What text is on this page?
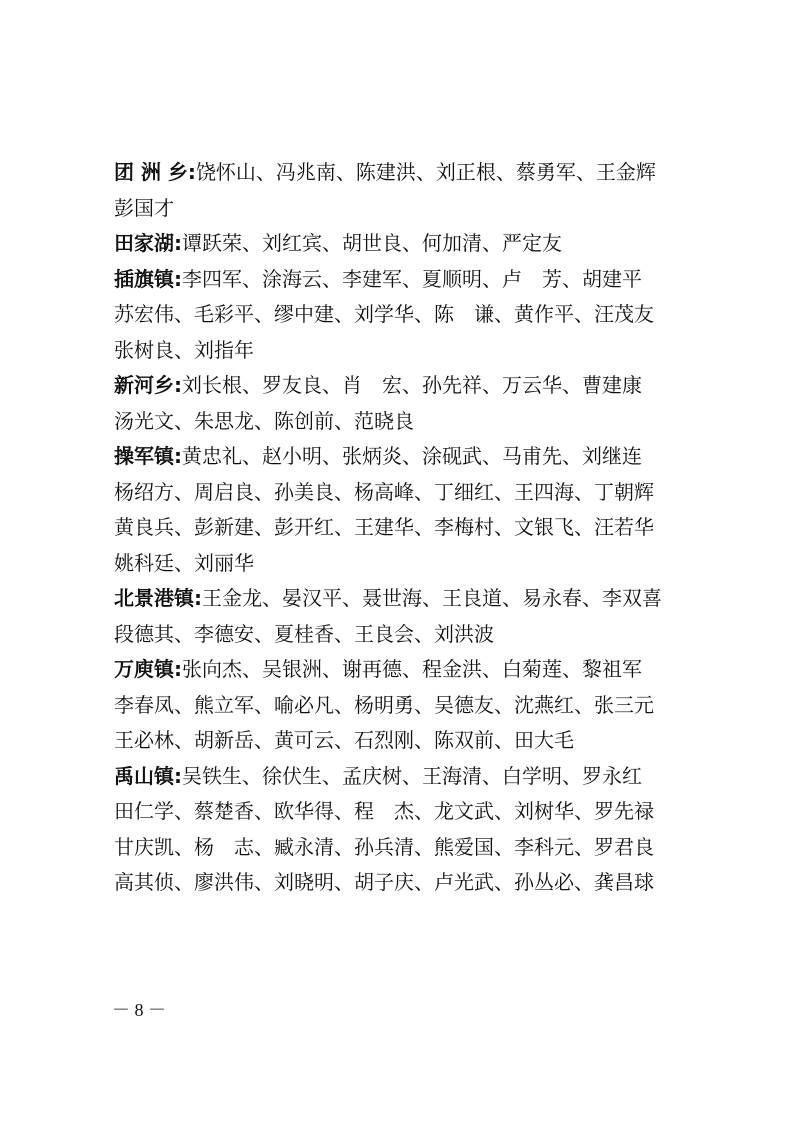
团 洲 乡:饶怀山、冯兆南、陈建洪、刘正根、蔡勇军、王金辉
彭国才
田家湖:谭跃荣、刘红宾、胡世良、何加清、严定友
插旗镇:李四军、涂海云、李建军、夏顺明、卢　芳、胡建平
苏宏伟、毛彩平、缪中建、刘学华、陈　谦、黄作平、汪茂友
张树良、刘指年
新河乡:刘长根、罗友良、肖　宏、孙先祥、万云华、曹建康
汤光文、朱思龙、陈创前、范晓良
操军镇:黄忠礼、赵小明、张炳炎、涂砚武、马甫先、刘继连
杨绍方、周启良、孙美良、杨高峰、丁细红、王四海、丁朝辉
黄良兵、彭新建、彭开红、王建华、李梅村、文银飞、汪若华
姚科廷、刘丽华
北景港镇:王金龙、晏汉平、聂世海、王良道、易永春、李双喜
段德其、李德安、夏桂香、王良会、刘洪波
万庾镇:张向杰、吴银洲、谢再德、程金洪、白菊莲、黎祖军
李春凤、熊立军、喻必凡、杨明勇、吴德友、沈燕红、张三元
王必林、胡新岳、黄可云、石烈刚、陈双前、田大毛
禹山镇:吴铁生、徐伏生、孟庆树、王海清、白学明、罗永红
田仁学、蔡楚香、欧华得、程　杰、龙文武、刘树华、罗先禄
甘庆凯、杨　志、臧永清、孙兵清、熊爱国、李科元、罗君良
高其侦、廖洪伟、刘晓明、胡子庆、卢光武、孙丛必、龚昌球
－ 8 －
